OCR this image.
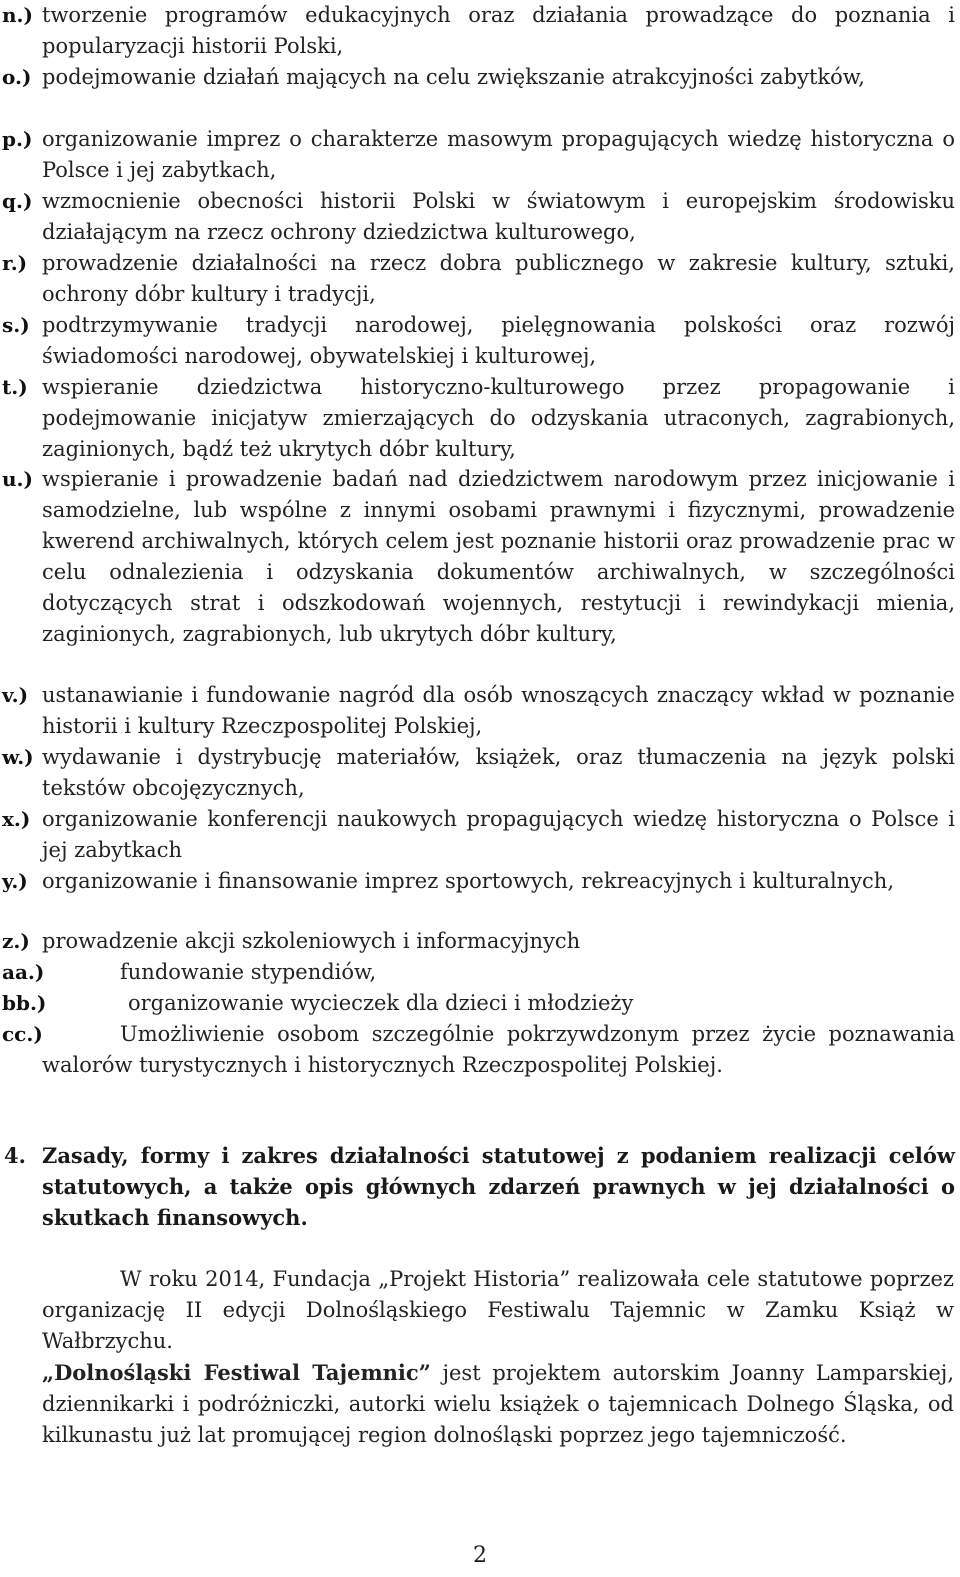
n.) tworzenie programów edukacyjnych oraz działania prowadzące do poznania i popularyzacji historii Polski,
o.) podejmowanie działań mających na celu zwiększanie atrakcyjności zabytków,
p.) organizowanie imprez o charakterze masowym propagujących wiedzę historyczna o Polsce i jej zabytkach,
q.) wzmocnienie obecności historii Polski w światowym i europejskim środowisku działającym na rzecz ochrony dziedzictwa kulturowego,
r.) prowadzenie działalności na rzecz dobra publicznego w zakresie kultury, sztuki, ochrony dóbr kultury i tradycji,
s.) podtrzymywanie tradycji narodowej, pielęgnowania polskości oraz rozwój świadomości narodowej, obywatelskiej i kulturowej,
t.) wspieranie dziedzictwa historyczno-kulturowego przez propagowanie i podejmowanie inicjatyw zmierzających do odzyskania utraconych, zagrabionych, zaginionych, bądź też ukrytych dóbr kultury,
u.) wspieranie i prowadzenie badań nad dziedzictwem narodowym przez inicjowanie i samodzielne, lub wspólne z innymi osobami prawnymi i fizycznymi, prowadzenie kwerend archiwalnych, których celem jest poznanie historii oraz prowadzenie prac w celu odnalezienia i odzyskania dokumentów archiwalnych, w szczególności dotyczących strat i odszkodowań wojennych, restytucji i rewindykacji mienia, zaginionych, zagrabionych, lub ukrytych dóbr kultury,
v.) ustanawianie i fundowanie nagród dla osób wnoszących znaczący wkład w poznanie historii i kultury Rzeczpospolitej Polskiej,
w.) wydawanie i dystrybucję materiałów, książek, oraz tłumaczenia na język polski tekstów obcojęzycznych,
x.) organizowanie konferencji naukowych propagujących wiedzę historyczna o Polsce i jej zabytkach
y.) organizowanie i finansowanie imprez sportowych, rekreacyjnych i kulturalnych,
z.) prowadzenie akcji szkoleniowych i informacyjnych
aa.)	fundowanie stypendiów,
bb.)	organizowanie wycieczek dla dzieci i młodzieży
cc.)	Umożliwienie osobom szczególnie pokrzywdzonym przez życie poznawania walorów turystycznych i historycznych Rzeczpospolitej Polskiej.
4. Zasady, formy i zakres działalności statutowej z podaniem realizacji celów statutowych, a także opis głównych zdarzeń prawnych w jej działalności o skutkach finansowych.
W roku 2014, Fundacja „Projekt Historia” realizowała cele statutowe poprzez organizację II edycji Dolnośląskiego Festiwalu Tajemnic w Zamku Książ w Wałbrzychu.
„Dolnośląski Festiwal Tajemnic” jest projektem autorskim Joanny Lamparskiej, dziennikarki i podróżniczki, autorki wielu książek o tajemnicach Dolnego Śląska, od kilkunastu już lat promującej region dolnośląski poprzez jego tajemniczość.
2
